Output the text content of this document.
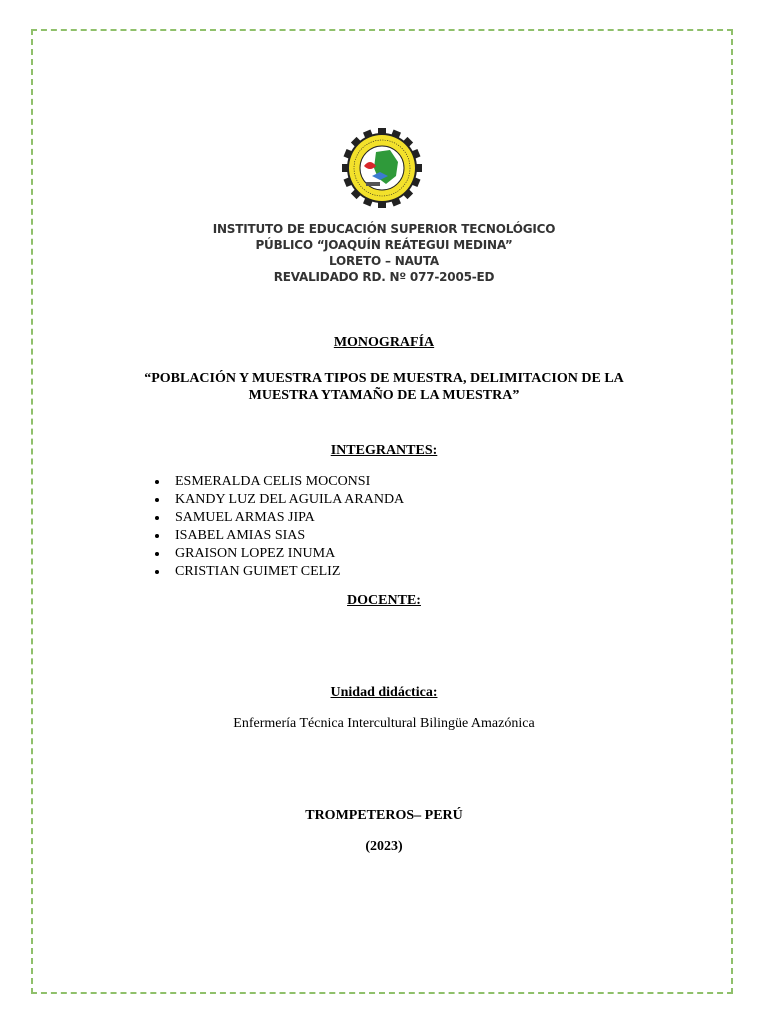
INSTITUTO DE EDUCACIÓN SUPERIOR TECNOLÓGICO
PÚBLICO “JOAQUÍN REÁTEGUI MEDINA”
LORETO – NAUTA
REVALIDADO RD. Nº 077-2005-ED
MONOGRAFÍA
“POBLACIÓN Y MUESTRA TIPOS DE MUESTRA, DELIMITACION DE LA
MUESTRA YTAMAÑO DE LA MUESTRA”
INTEGRANTES:
ESMERALDA CELIS MOCONSI
KANDY LUZ DEL AGUILA ARANDA
SAMUEL ARMAS JIPA
ISABEL AMIAS SIAS
GRAISON LOPEZ INUMA
CRISTIAN GUIMET CELIZ
DOCENTE:
Unidad didáctica:
Enfermería Técnica Intercultural Bilingüe Amazónica
TROMPETEROS– PERÚ
(2023)
